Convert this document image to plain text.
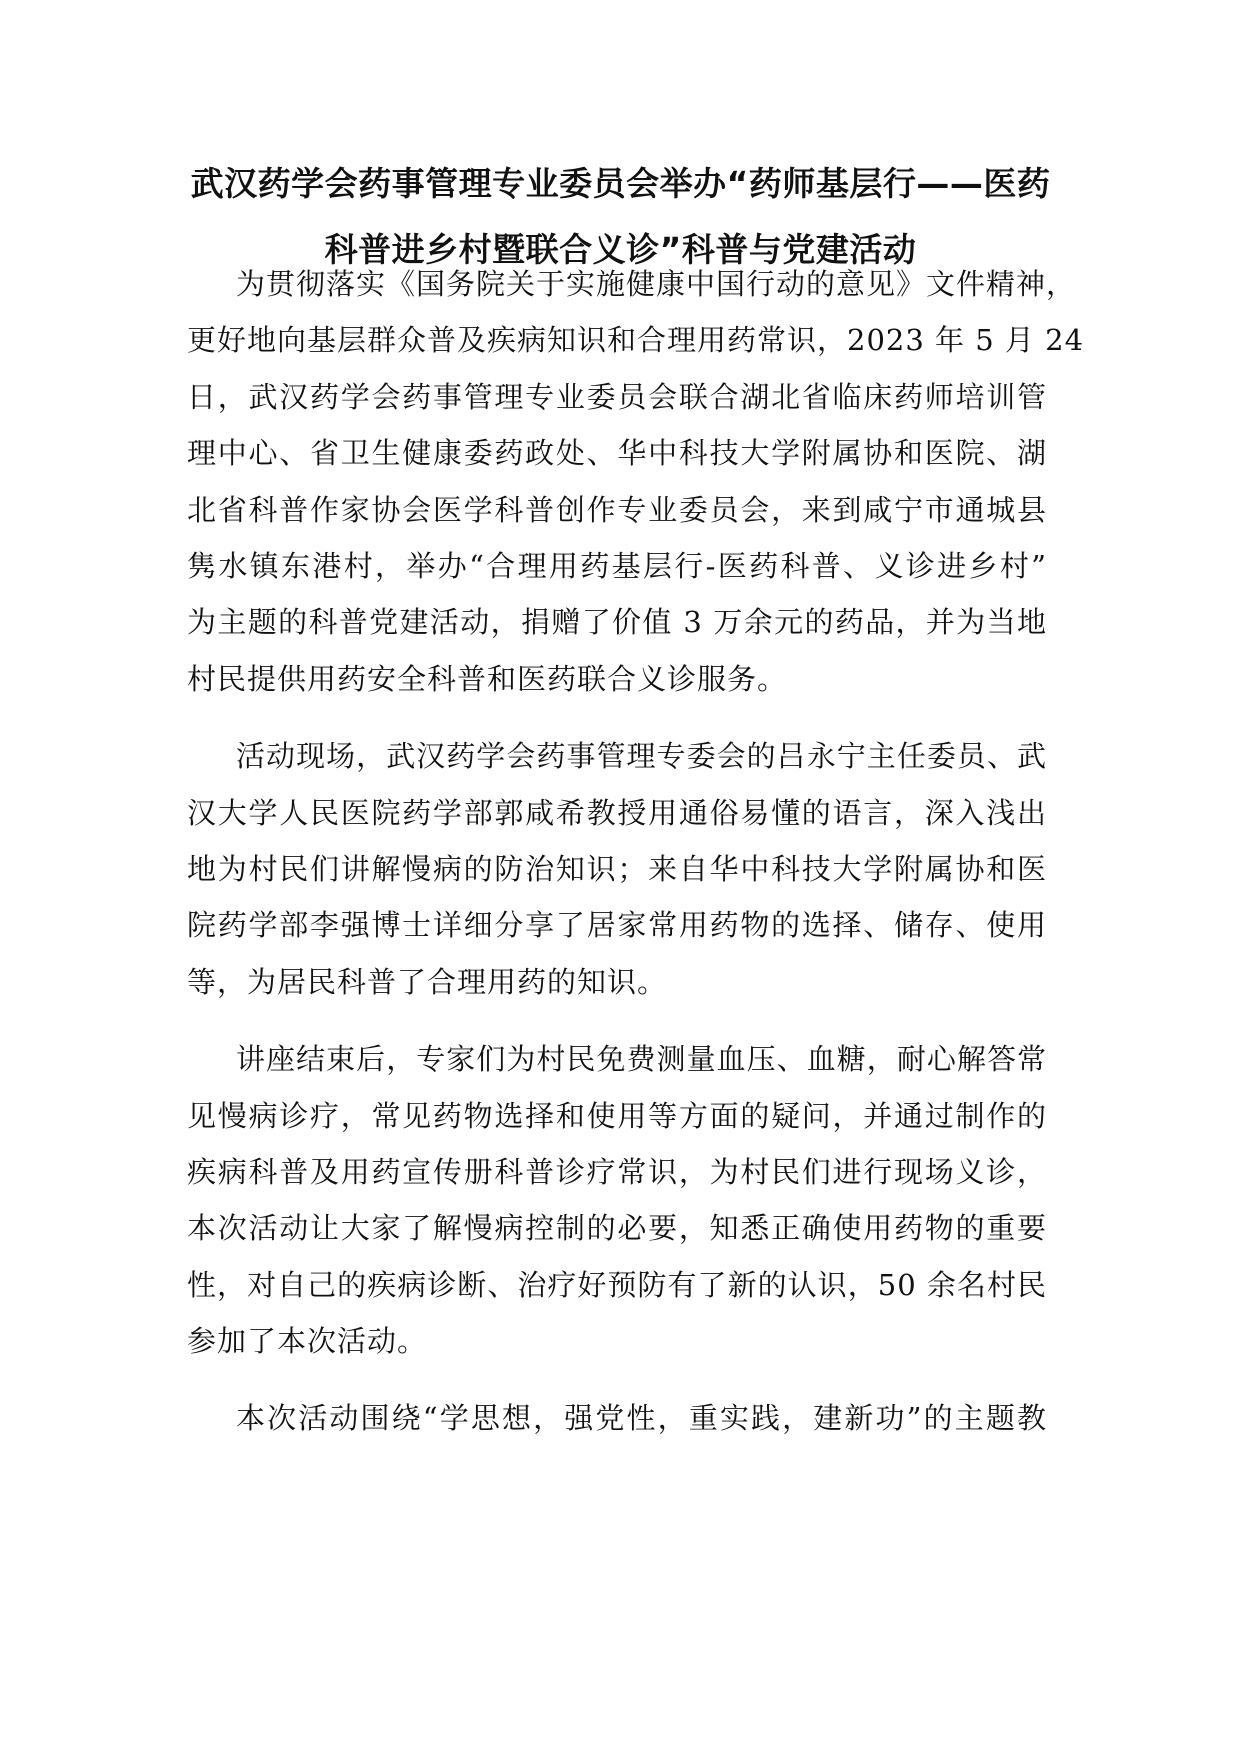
武汉药学会药事管理专业委员会举办“药师基层行——医药
科普进乡村暨联合义诊”科普与党建活动
为贯彻落实《国务院关于实施健康中国行动的意见》文件精神，
更好地向基层群众普及疾病知识和合理用药常识，2023 年 5 月 24
日，武汉药学会药事管理专业委员会联合湖北省临床药师培训管
理中心、省卫生健康委药政处、华中科技大学附属协和医院、湖
北省科普作家协会医学科普创作专业委员会，来到咸宁市通城县
隽水镇东港村，举办“合理用药基层行-医药科普、义诊进乡村”
为主题的科普党建活动，捐赠了价值 3 万余元的药品，并为当地
村民提供用药安全科普和医药联合义诊服务。
活动现场，武汉药学会药事管理专委会的吕永宁主任委员、武
汉大学人民医院药学部郭咸希教授用通俗易懂的语言，深入浅出
地为村民们讲解慢病的防治知识；来自华中科技大学附属协和医
院药学部李强博士详细分享了居家常用药物的选择、储存、使用
等，为居民科普了合理用药的知识。
讲座结束后，专家们为村民免费测量血压、血糖，耐心解答常
见慢病诊疗，常见药物选择和使用等方面的疑问，并通过制作的
疾病科普及用药宣传册科普诊疗常识，为村民们进行现场义诊，
本次活动让大家了解慢病控制的必要，知悉正确使用药物的重要
性，对自己的疾病诊断、治疗好预防有了新的认识，50 余名村民
参加了本次活动。
本次活动围绕“学思想，强党性，重实践，建新功”的主题教
